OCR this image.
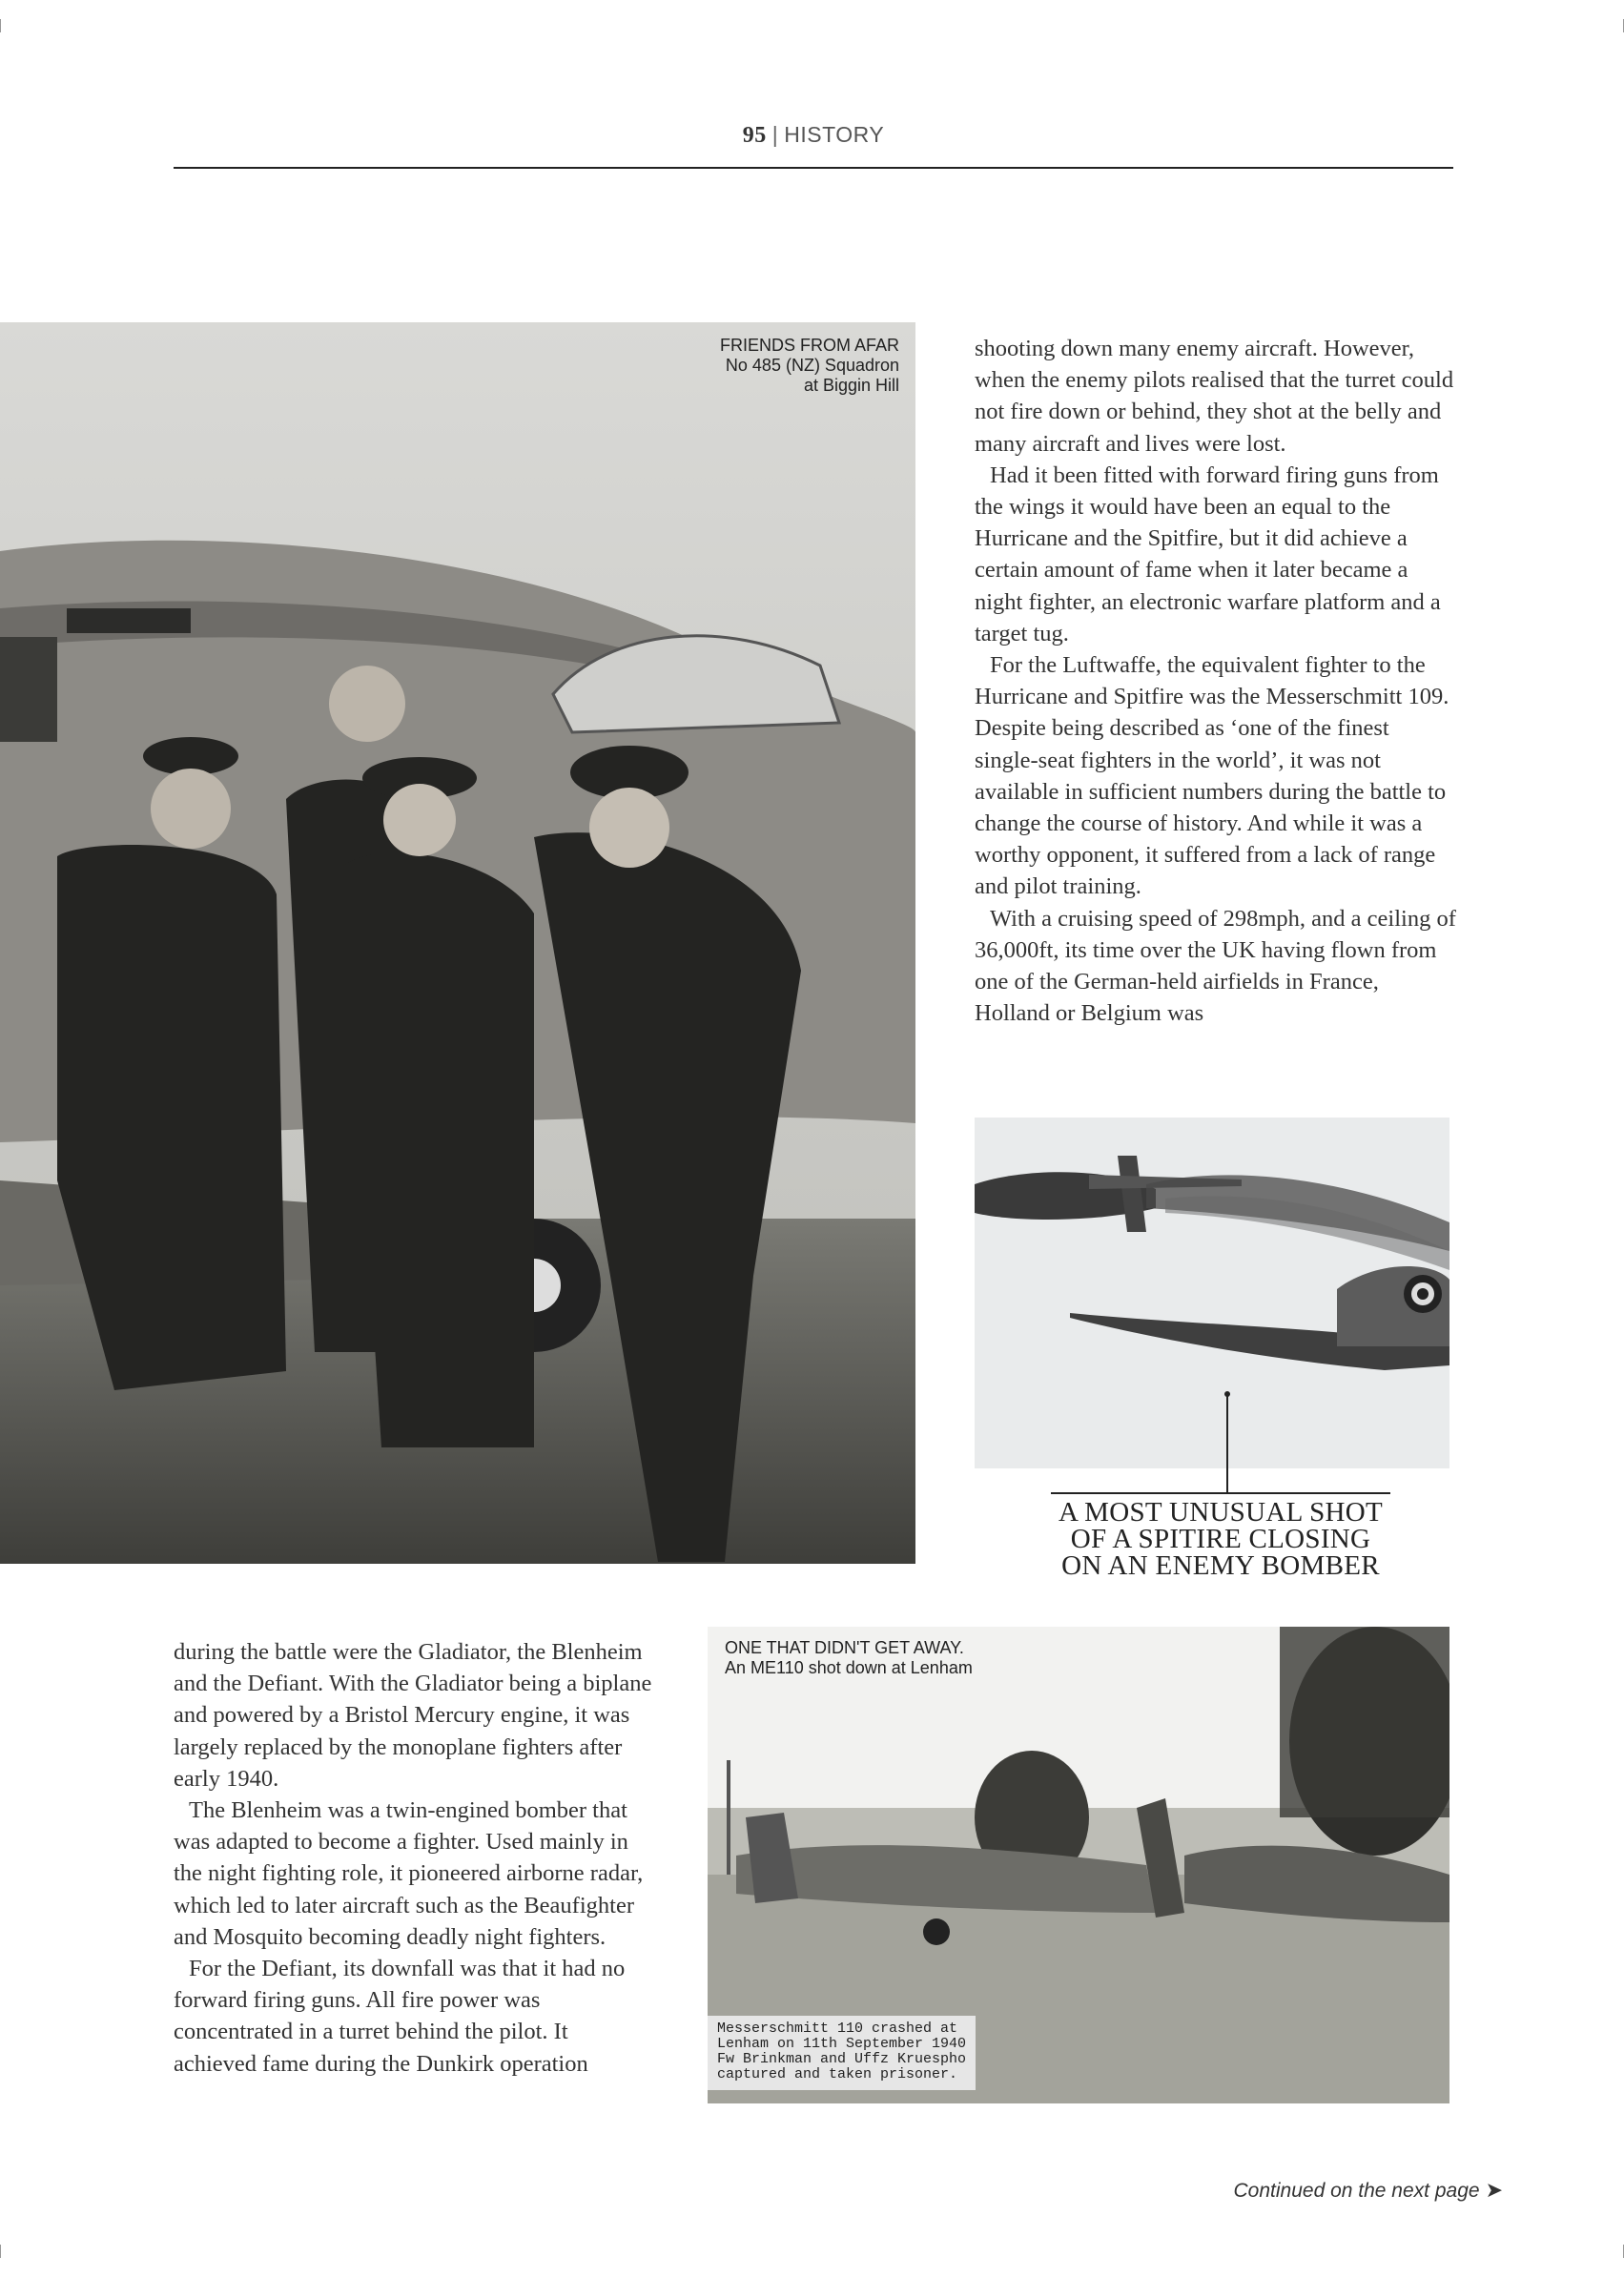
95 | HISTORY
FRIENDS FROM AFAR
No 485 (NZ) Squadron
at Biggin Hill

shooting down many enemy aircraft. However, when the enemy pilots realised that the turret could not fire down or behind, they shot at the belly and many aircraft and lives were lost.

Had it been fitted with forward firing guns from the wings it would have been an equal to the Hurricane and the Spitfire, but it did achieve a certain amount of fame when it later became a night fighter, an electronic warfare platform and a target tug.

For the Luftwaffe, the equivalent fighter to the Hurricane and Spitfire was the Messerschmitt 109. Despite being described as ‘one of the finest single-seat fighters in the world’, it was not available in sufficient numbers during the battle to change the course of history. And while it was a worthy opponent, it suffered from a lack of range and pilot training.

With a cruising speed of 298mph, and a ceiling of 36,000ft, its time over the UK having flown from one of the German-held airfields in France, Holland or Belgium was

A MOST UNUSUAL SHOT
OF A SPITIRE CLOSING
ON AN ENEMY BOMBER

during the battle were the Gladiator, the Blenheim and the Defiant. With the Gladiator being a biplane and powered by a Bristol Mercury engine, it was largely replaced by the monoplane fighters after early 1940.

The Blenheim was a twin-engined bomber that was adapted to become a fighter. Used mainly in the night fighting role, it pioneered airborne radar, which led to later aircraft such as the Beaufighter and Mosquito becoming deadly night fighters.

For the Defiant, its downfall was that it had no forward firing guns. All fire power was concentrated in a turret behind the pilot. It achieved fame during the Dunkirk operation

ONE THAT DIDN'T GET AWAY.
An ME110 shot down at Lenham
Messerschmitt 110 crashed at
Lenham on 11th September 1940
Fw Brinkman and Uffz Kruespho
captured and taken prisoner.
Continued on the next page ➤
